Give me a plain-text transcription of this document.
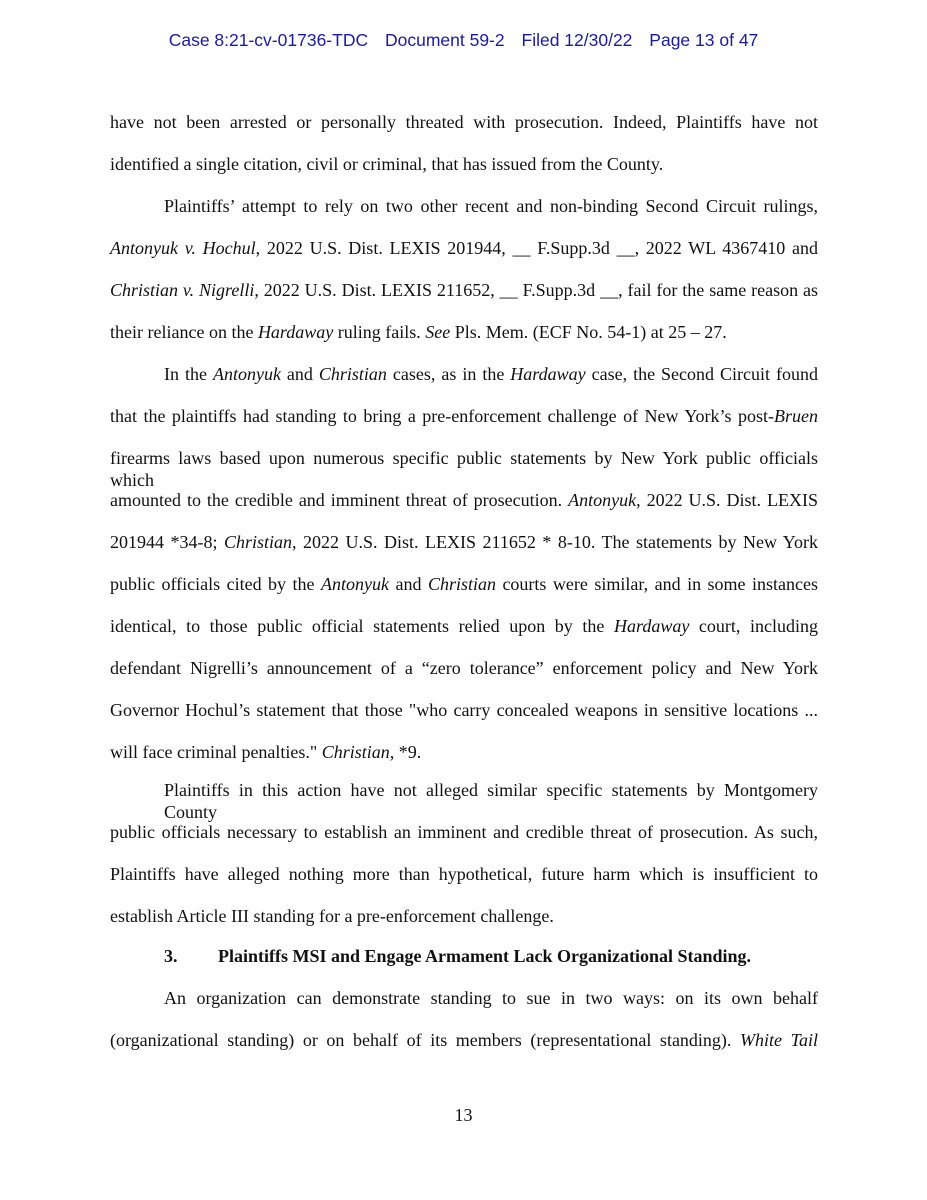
Case 8:21-cv-01736-TDC Document 59-2 Filed 12/30/22 Page 13 of 47
have not been arrested or personally threated with prosecution. Indeed, Plaintiffs have not
identified a single citation, civil or criminal, that has issued from the County.
Plaintiffs’ attempt to rely on two other recent and non-binding Second Circuit rulings,
Antonyuk v. Hochul, 2022 U.S. Dist. LEXIS 201944, __ F.Supp.3d __, 2022 WL 4367410 and
Christian v. Nigrelli, 2022 U.S. Dist. LEXIS 211652, __ F.Supp.3d __, fail for the same reason as
their reliance on the Hardaway ruling fails. See Pls. Mem. (ECF No. 54-1) at 25 – 27.
In the Antonyuk and Christian cases, as in the Hardaway case, the Second Circuit found
that the plaintiffs had standing to bring a pre-enforcement challenge of New York’s post-Bruen
firearms laws based upon numerous specific public statements by New York public officials which
amounted to the credible and imminent threat of prosecution. Antonyuk, 2022 U.S. Dist. LEXIS
201944 *34-8; Christian, 2022 U.S. Dist. LEXIS 211652 * 8-10. The statements by New York
public officials cited by the Antonyuk and Christian courts were similar, and in some instances
identical, to those public official statements relied upon by the Hardaway court, including
defendant Nigrelli’s announcement of a “zero tolerance” enforcement policy and New York
Governor Hochul’s statement that those "who carry concealed weapons in sensitive locations ...
will face criminal penalties." Christian, *9.
Plaintiffs in this action have not alleged similar specific statements by Montgomery County
public officials necessary to establish an imminent and credible threat of prosecution. As such,
Plaintiffs have alleged nothing more than hypothetical, future harm which is insufficient to
establish Article III standing for a pre-enforcement challenge.
An organization can demonstrate standing to sue in two ways: on its own behalf
(organizational standing) or on behalf of its members (representational standing). White Tail
3. Plaintiffs MSI and Engage Armament Lack Organizational Standing.
13
